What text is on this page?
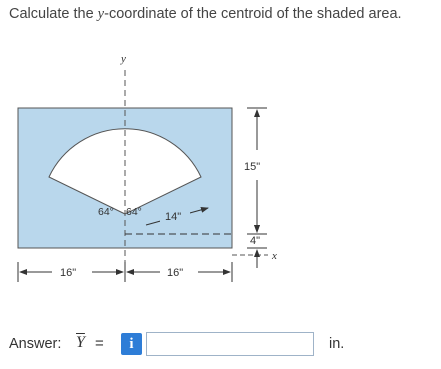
Calculate the y-coordinate of the centroid of the shaded area.
y
x
64° 64° 14"
15"
4"
16"	16"
Answer: $\overline{Y}$ =	i	in.
